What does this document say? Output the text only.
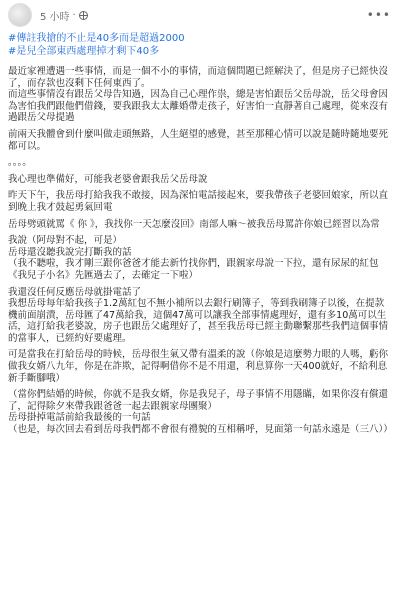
5 小時 ·	•••
#傳註我搶的不止是40多而是超過2000
#是兒全部東西處理掉才剩下40多

最近家裡遭遇一些事情，而是一個不小的事情，而這個問題已經解決了，但是房子已經快沒了，而存款也沒剩下任何東西了。

而這些事情沒有跟岳父母告知過，因為自己心理作祟，總是害怕跟岳父岳母說，岳父母會因為害怕我們跟他們借錢，要我跟我太太離婚帶走孩子，好害怕一直靜著自己處理，從來沒有過跟岳父母提過

前兩天我體會到什麼叫做走頭無路，人生絕望的感覺，甚至那種心情可以說是隨時隨地要死都可以。

。。。。

我心理也準備好，可能我老婆會跟我岳父岳母說

昨天下午，我岳母打給我我不敢接，因為深怕電話接起來，要我帶孩子老婆回娘家，所以直到晚上我才鼓起勇氣回電

岳母劈頭就罵《 你 》，我找你一天怎麼沒回》南部人嘛～被我岳母罵許你娘已經習以為常

我說（阿母對不起，可是）

岳母還沒聽我說完打斷我的話

（我不聽啦，我才剛三跟你爸爸才能去新竹找你們，跟親家母說一下拉，還有尿尿的紅包《我兒子小名》先匯過去了，去確定一下啦）

我還沒任何反應岳母就掛電話了

我想岳母每年給我孩子1.2萬紅包不無小補所以去銀行刷簿子，等到我刷簿子以後，在提款機前面崩潰，岳母匯了47萬給我，這個47萬可以讓我全部事情處理好，還有多10萬可以生活，這打給我老婆說，房子也跟岳父處理好了，甚至我岳母已經主動聯繫那些我們這個事情的當事人，已經約好要處理。

可是當我在打給岳母的時候，岳母很生氣又帶有溫柔的說（你娘是這麼勢力眼的人嗎，虧你做我女婿八九年，你是在詐欺，記得啊借你不是不用還，利息算你一天400就好，不給利息新手斷腳哦）

（當你們結婚的時候，你就不是我女婿，你是我兒子，母子事情不用隱瞞，如果你沒有償還了，記得除夕來帶我跟爸爸一起去跟親家母團聚）

岳母掛掉電話前給我最後的一句話

（也是，每次回去看到岳母我們都不會很有禮貌的互相稱呼，見面第一句話永遠是（三八））
